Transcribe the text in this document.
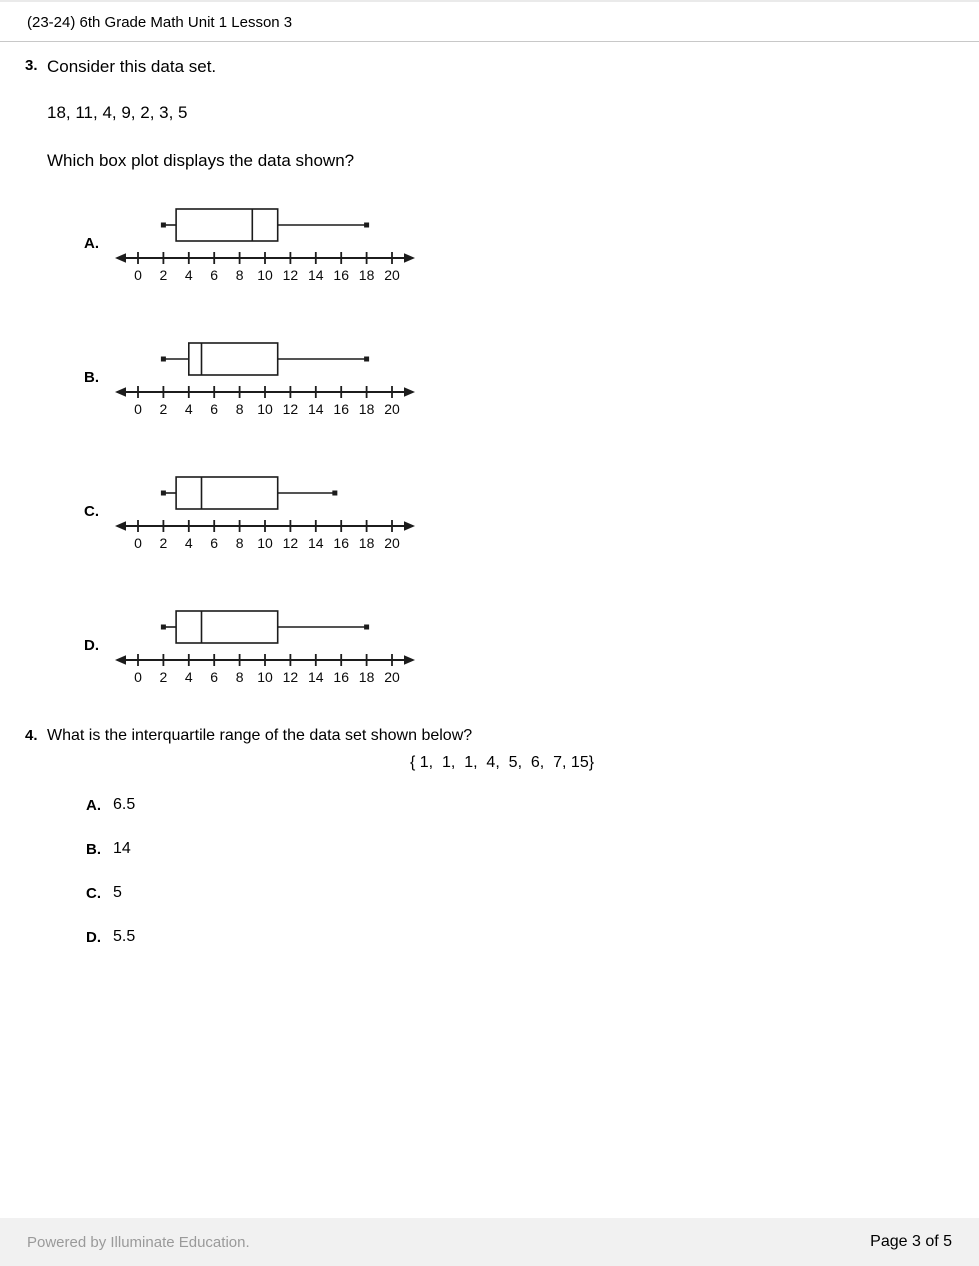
(23-24) 6th Grade Math Unit 1 Lesson 3
3. Consider this data set.
18, 11, 4, 9, 2, 3, 5
Which box plot displays the data shown?
A.
0 2 4 6 8 10 12 14 16 18 20
B.
0 2 4 6 8 10 12 14 16 18 20
C.
0 2 4 6 8 10 12 14 16 18 20
D.
0 2 4 6 8 10 12 14 16 18 20
4. What is the interquartile range of the data set shown below?
{ 1,  1,  1,  4,  5,  6,  7, 15}
A. 6.5
B. 14
C. 5
D. 5.5
Powered by Illuminate Education.	Page 3 of 5
